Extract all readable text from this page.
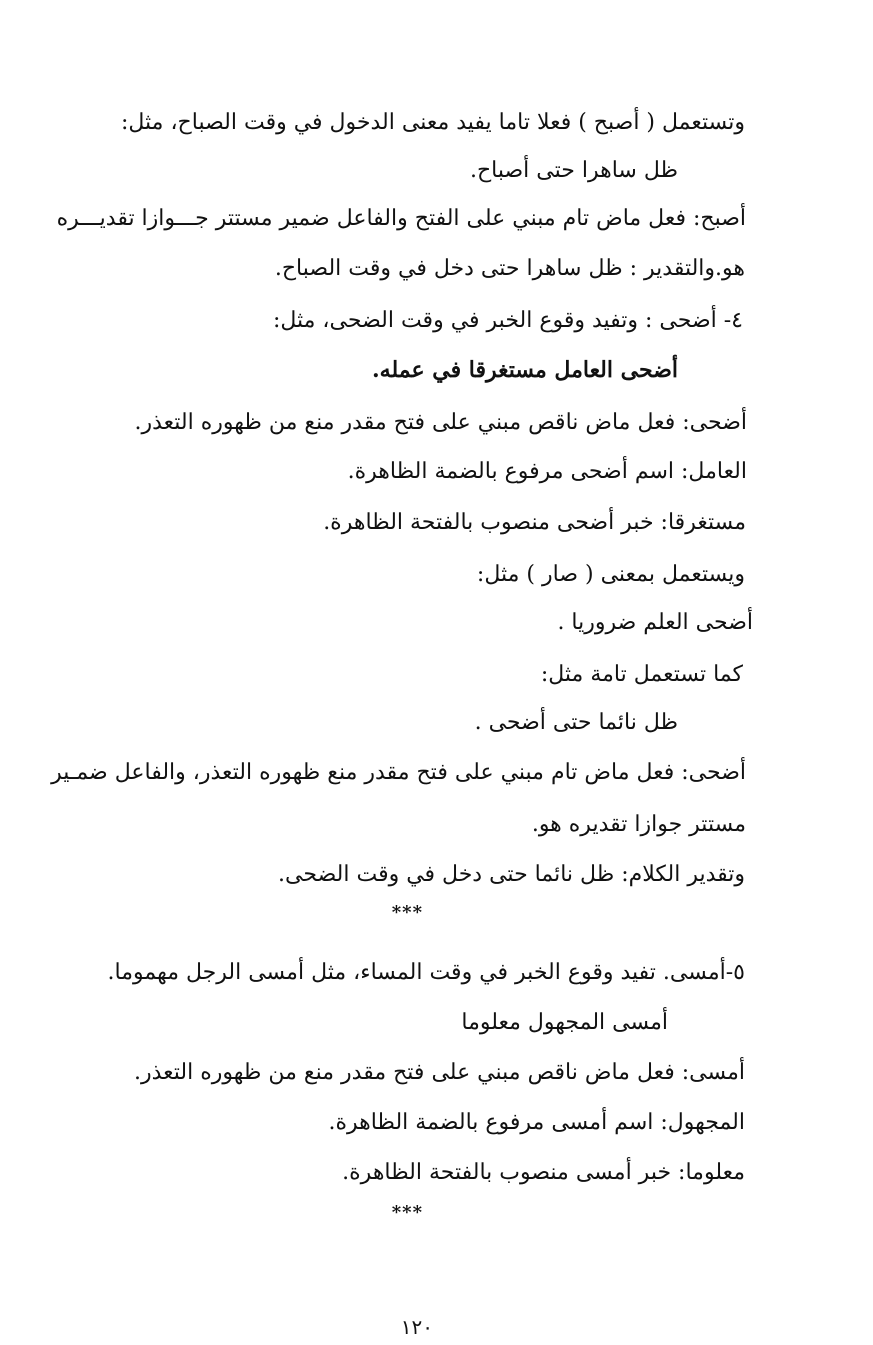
وتستعمل ( أصبح ) فعلا تاما يفيد معنى الدخول في وقت الصباح، مثل:
ظل ساهرا حتى أصباح.
أصبح: فعل ماض تام مبني على الفتح والفاعل ضمير مستتر جـــوازا تقديـــره
هو.والتقدير : ظل ساهرا حتى دخل في وقت الصباح.
٤- أضحى : وتفيد وقوع الخبر في وقت الضحى، مثل:
أضحى العامل مستغرقا في عمله.
أضحى: فعل ماض ناقص مبني على فتح مقدر منع من ظهوره التعذر.
العامل: اسم أضحى مرفوع بالضمة الظاهرة.
مستغرقا: خبر أضحى منصوب بالفتحة الظاهرة.
ويستعمل بمعنى ( صار ) مثل:
أضحى العلم ضروريا .
كما تستعمل تامة مثل:
ظل نائما حتى أضحى .
أضحى: فعل ماض تام مبني على فتح مقدر منع ظهوره التعذر، والفاعل ضمـير
مستتر جوازا تقديره هو.
وتقدير الكلام: ظل نائما حتى دخل في وقت الضحى.
***
٥-أمسى. تفيد وقوع الخبر في وقت المساء، مثل أمسى الرجل مهموما.
أمسى المجهول معلوما
أمسى: فعل ماض ناقص مبني على فتح مقدر منع من ظهوره التعذر.
المجهول: اسم أمسى مرفوع بالضمة الظاهرة.
معلوما: خبر أمسى منصوب بالفتحة الظاهرة.
***
١٢٠
